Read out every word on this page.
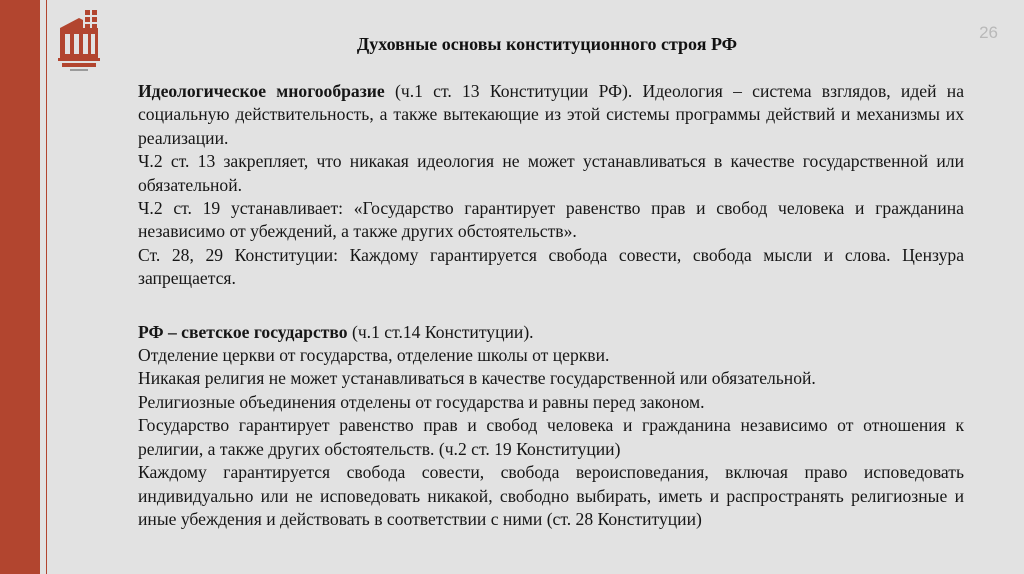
26
Духовные основы конституционного строя РФ

Идеологическое многообразие (ч.1 ст. 13 Конституции РФ). Идеология – система взглядов, идей на социальную действительность, а также вытекающие из этой системы программы действий и механизмы их реализации.

Ч.2 ст. 13 закрепляет, что никакая идеология не может устанавливаться в качестве государственной или обязательной.

Ч.2 ст. 19 устанавливает: «Государство гарантирует равенство прав и свобод человека и гражданина независимо от убеждений, а также других обстоятельств».

Ст. 28, 29 Конституции: Каждому гарантируется свобода совести, свобода мысли и слова. Цензура запрещается.

РФ – светское государство (ч.1 ст.14 Конституции).

Отделение церкви от государства, отделение школы от церкви.

Никакая религия не может устанавливаться в качестве государственной или обязательной.

Религиозные объединения отделены от государства и равны перед законом.

Государство гарантирует равенство прав и свобод человека и гражданина независимо от отношения к религии, а также других обстоятельств. (ч.2 ст. 19 Конституции)

Каждому гарантируется свобода совести, свобода вероисповедания, включая право исповедовать индивидуально или не исповедовать никакой, свободно выбирать, иметь и распространять религиозные и иные убеждения и действовать в соответствии с ними (ст. 28 Конституции)
